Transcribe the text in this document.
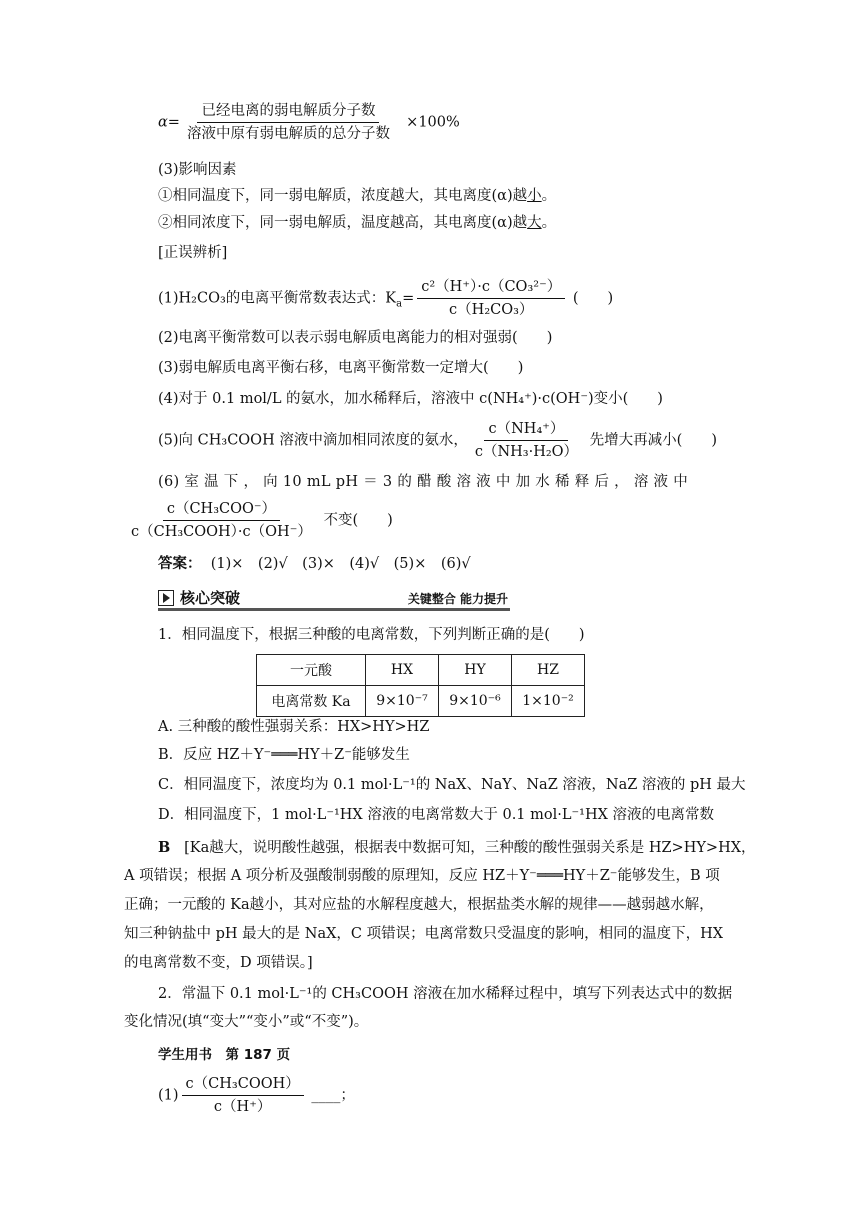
$\alpha= \frac{\text{已经电离的弱电解质分子数}}{\text{溶液中原有弱电解质的总分子数}} \times 100\%$
(3)影响因素
①相同温度下，同一弱电解质，浓度越大，其电离度(α)越小。
②相同浓度下，同一弱电解质，温度越高，其电离度(α)越大。
[正误辨析]
(1)H₂CO₃的电离平衡常数表达式：$K_a= \frac{\text{c²（H⁺）·c（CO₃²⁻）}}{\text{c（H₂CO₃）}}$ (　　)
(2)电离平衡常数可以表示弱电解质电离能力的相对强弱(　　)
(3)弱电解质电离平衡右移，电离平衡常数一定增大(　　)
(4)对于 0.1 mol/L 的氨水，加水稀释后，溶液中 c(NH₄⁺)·c(OH⁻)变小(　　)
(5)向 CH₃COOH 溶液中滴加相同浓度的氨水， $\frac{\text{c（NH₄⁺）}}{\text{c（NH₃·H₂O）}}$ 先增大再减小(　　)
(6) 室 温 下 ， 向 10 mL pH ＝ 3 的 醋 酸 溶 液 中 加 水 稀 释 后 ， 溶 液 中
$\frac{\text{c（CH₃COO⁻）}}{\text{c（CH₃COOH）·c（OH⁻）}}$ 不变(　　)
答案： (1)×　(2)√　(3)×　(4)√　(5)×　(6)√
核心突破	关键整合 能力提升
1．相同温度下，根据三种酸的电离常数，下列判断正确的是(　　)
一元酸	HX	HY	HZ
电离常数 Ka	9×10⁻⁷	9×10⁻⁶	1×10⁻²
A. 三种酸的酸性强弱关系：HX>HY>HZ
B．反应 HZ＋Y⁻═══HY＋Z⁻能够发生
C．相同温度下，浓度均为 0.1 mol·L⁻¹的 NaX、NaY、NaZ 溶液，NaZ 溶液的 pH 最大
D．相同温度下，1 mol·L⁻¹HX 溶液的电离常数大于 0.1 mol·L⁻¹HX 溶液的电离常数
B [Ka越大，说明酸性越强，根据表中数据可知，三种酸的酸性强弱关系是 HZ>HY>HX，
A 项错误；根据 A 项分析及强酸制弱酸的原理知，反应 HZ＋Y⁻═══HY＋Z⁻能够发生，B 项
正确；一元酸的 Ka越小，其对应盐的水解程度越大，根据盐类水解的规律——越弱越水解，
知三种钠盐中 pH 最大的是 NaX，C 项错误；电离常数只受温度的影响，相同的温度下，HX
的电离常数不变，D 项错误。]
2．常温下 0.1 mol·L⁻¹的 CH₃COOH 溶液在加水稀释过程中，填写下列表达式中的数据
变化情况(填“变大”“变小”或“不变”)。
学生用书　第 187 页
$(1) \frac{\text{c（CH₃COOH）}}{c(H^+)}$ ____；
